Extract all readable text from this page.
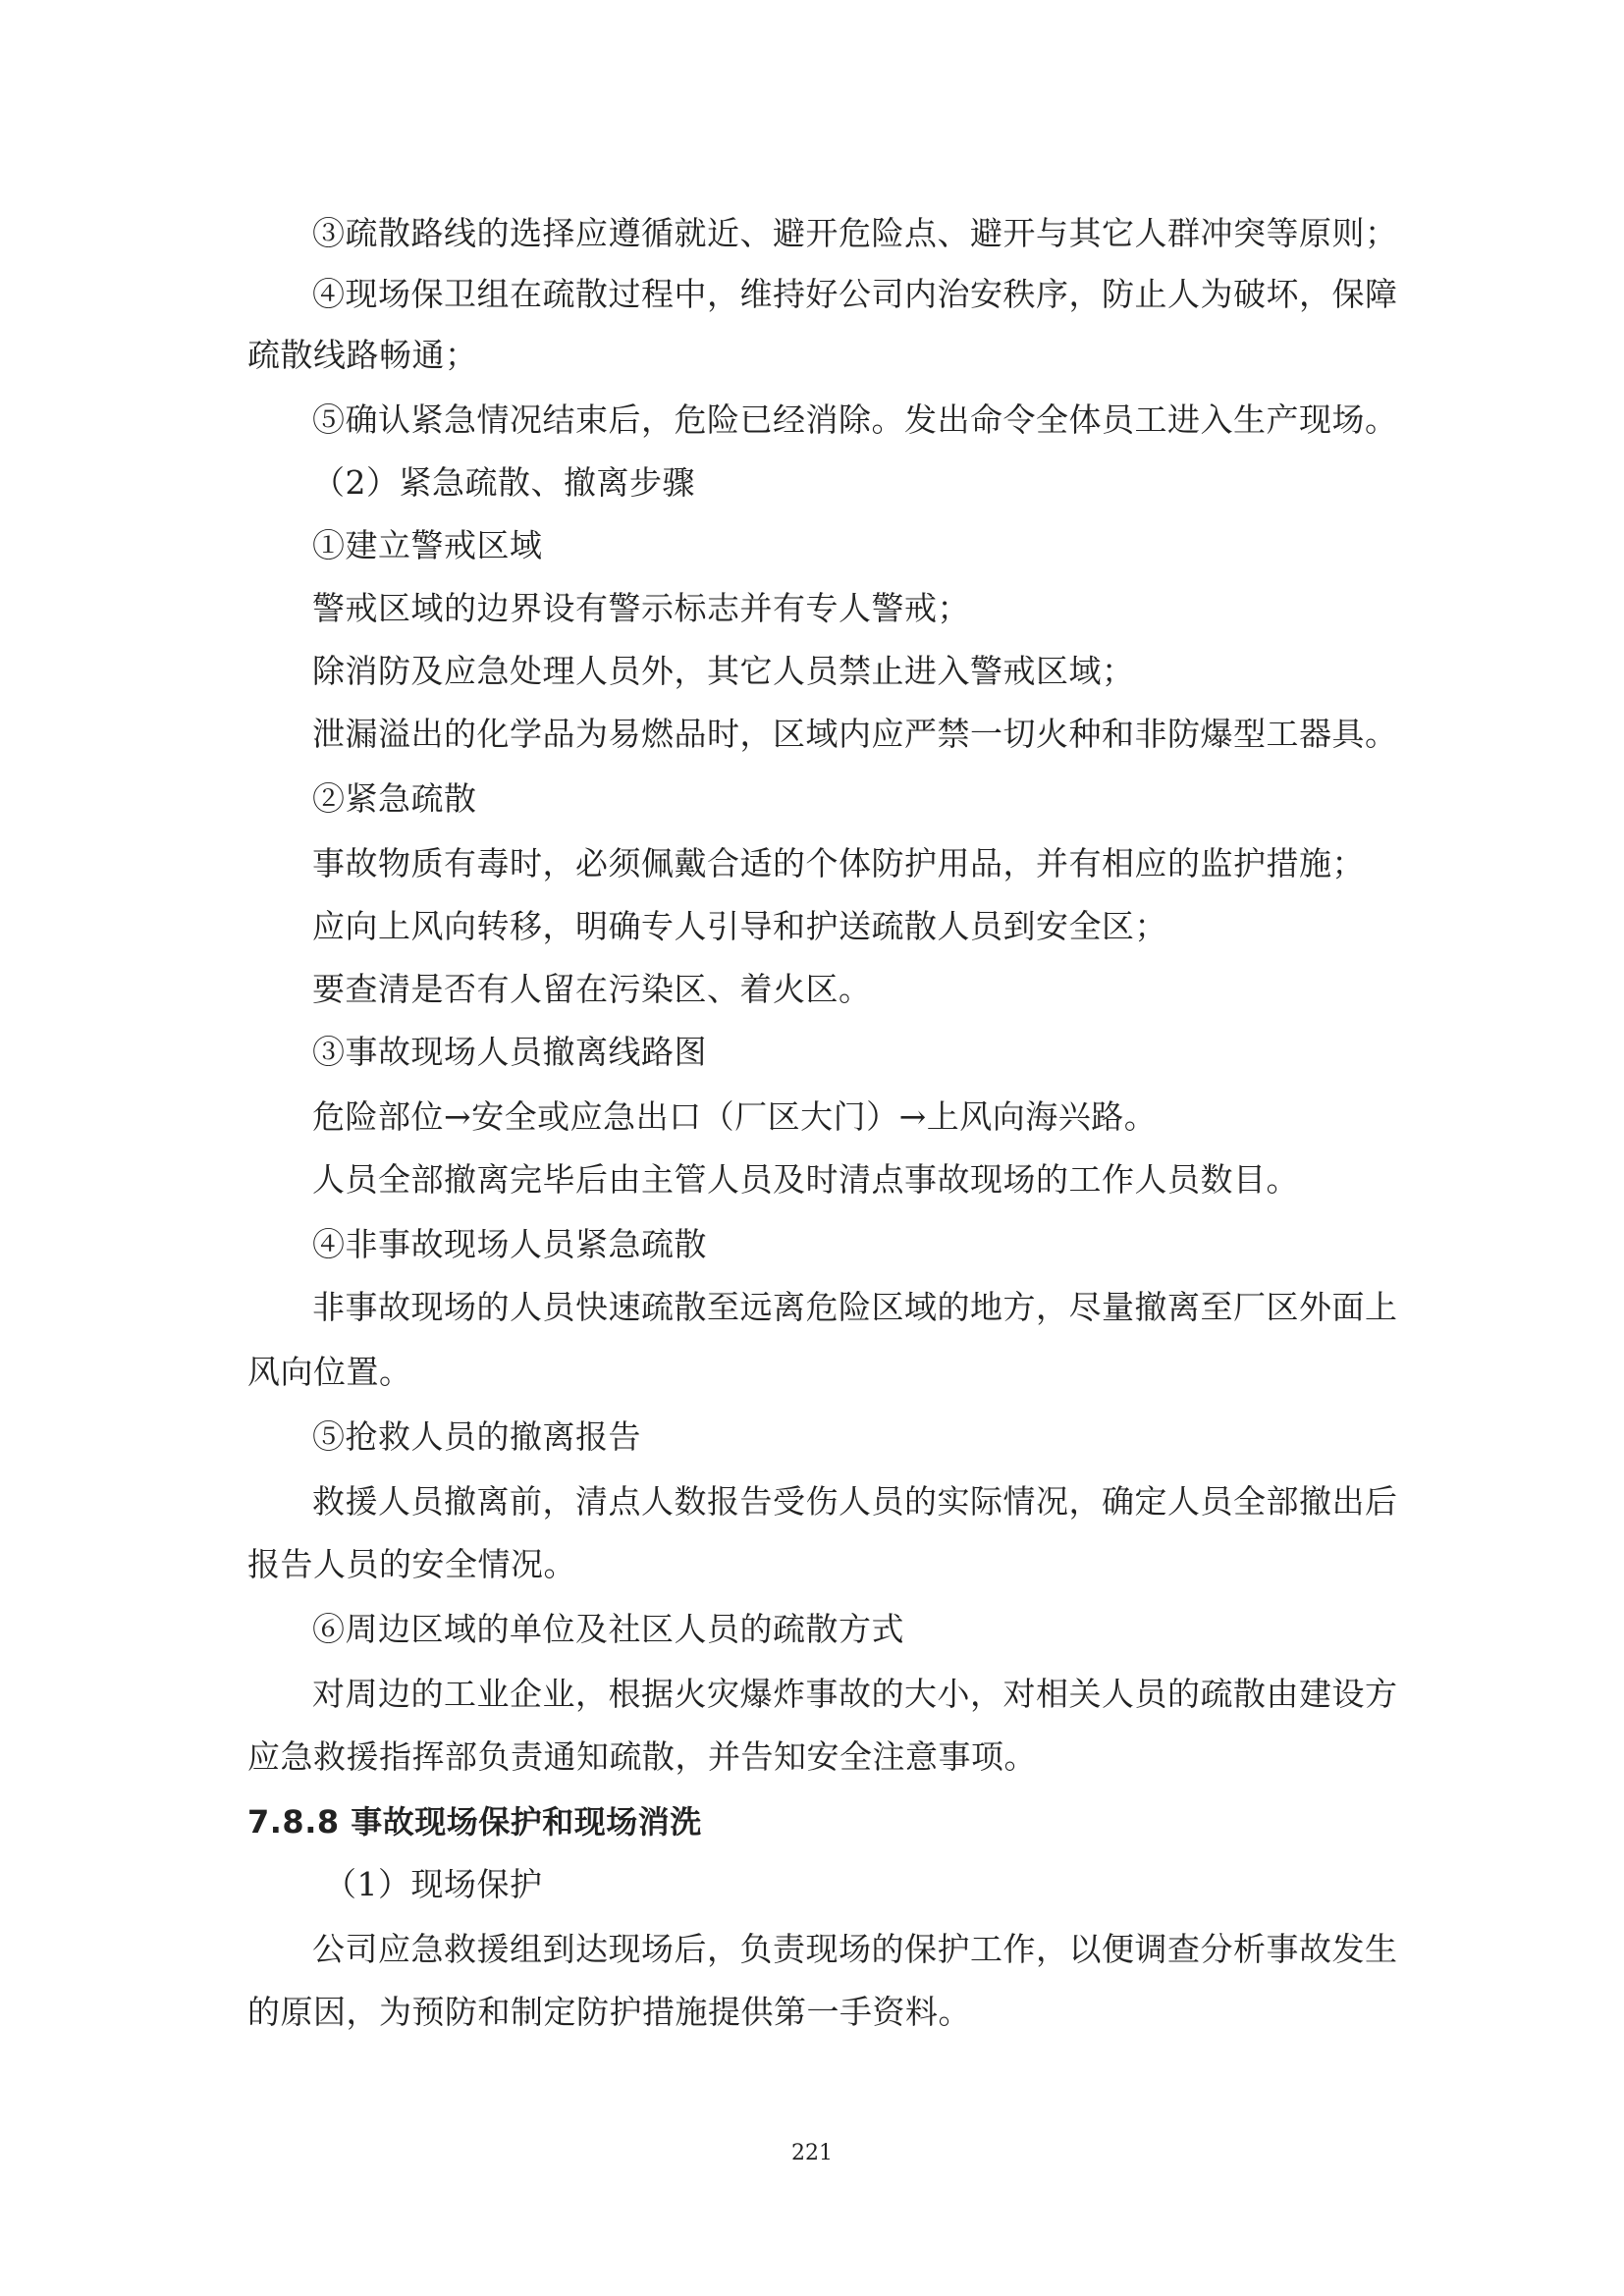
③疏散路线的选择应遵循就近、避开危险点、避开与其它人群冲突等原则；
④现场保卫组在疏散过程中，维持好公司内治安秩序，防止人为破坏，保障
疏散线路畅通；
⑤确认紧急情况结束后，危险已经消除。发出命令全体员工进入生产现场。
（2）紧急疏散、撤离步骤
①建立警戒区域
警戒区域的边界设有警示标志并有专人警戒；
除消防及应急处理人员外，其它人员禁止进入警戒区域；
泄漏溢出的化学品为易燃品时，区域内应严禁一切火种和非防爆型工器具。
②紧急疏散
事故物质有毒时，必须佩戴合适的个体防护用品，并有相应的监护措施；
应向上风向转移，明确专人引导和护送疏散人员到安全区；
要查清是否有人留在污染区、着火区。
③事故现场人员撤离线路图
危险部位→安全或应急出口（厂区大门）→上风向海兴路。
人员全部撤离完毕后由主管人员及时清点事故现场的工作人员数目。
④非事故现场人员紧急疏散
非事故现场的人员快速疏散至远离危险区域的地方，尽量撤离至厂区外面上
风向位置。
⑤抢救人员的撤离报告
救援人员撤离前，清点人数报告受伤人员的实际情况，确定人员全部撤出后
报告人员的安全情况。
⑥周边区域的单位及社区人员的疏散方式
对周边的工业企业，根据火灾爆炸事故的大小，对相关人员的疏散由建设方
应急救援指挥部负责通知疏散，并告知安全注意事项。
7.8.8 事故现场保护和现场消洗
（1）现场保护
公司应急救援组到达现场后，负责现场的保护工作，以便调查分析事故发生
的原因，为预防和制定防护措施提供第一手资料。
221
